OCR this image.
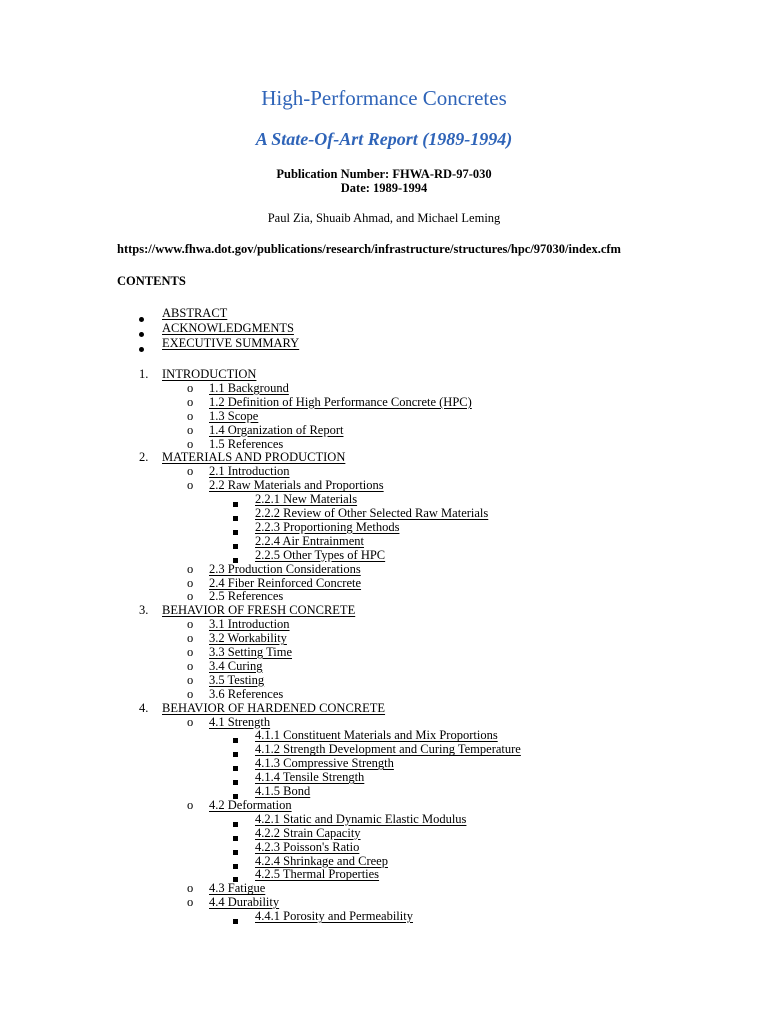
High-Performance Concretes
A State-Of-Art Report (1989-1994)
Publication Number: FHWA-RD-97-030
Date: 1989-1994
Paul Zia, Shuaib Ahmad, and Michael Leming
https://www.fhwa.dot.gov/publications/research/infrastructure/structures/hpc/97030/index.cfm
CONTENTS
ABSTRACT
ACKNOWLEDGMENTS
EXECUTIVE SUMMARY
1. INTRODUCTION
o 1.1 Background
o 1.2 Definition of High Performance Concrete (HPC)
o 1.3 Scope
o 1.4 Organization of Report
o 1.5 References
2. MATERIALS AND PRODUCTION
o 2.1 Introduction
o 2.2 Raw Materials and Proportions
2.2.1 New Materials
2.2.2 Review of Other Selected Raw Materials
2.2.3 Proportioning Methods
2.2.4 Air Entrainment
2.2.5 Other Types of HPC
o 2.3 Production Considerations
o 2.4 Fiber Reinforced Concrete
o 2.5 References
3. BEHAVIOR OF FRESH CONCRETE
o 3.1 Introduction
o 3.2 Workability
o 3.3 Setting Time
o 3.4 Curing
o 3.5 Testing
o 3.6 References
4. BEHAVIOR OF HARDENED CONCRETE
o 4.1 Strength
4.1.1 Constituent Materials and Mix Proportions
4.1.2 Strength Development and Curing Temperature
4.1.3 Compressive Strength
4.1.4 Tensile Strength
4.1.5 Bond
o 4.2 Deformation
4.2.1 Static and Dynamic Elastic Modulus
4.2.2 Strain Capacity
4.2.3 Poisson's Ratio
4.2.4 Shrinkage and Creep
4.2.5 Thermal Properties
o 4.3 Fatigue
o 4.4 Durability
4.4.1 Porosity and Permeability
